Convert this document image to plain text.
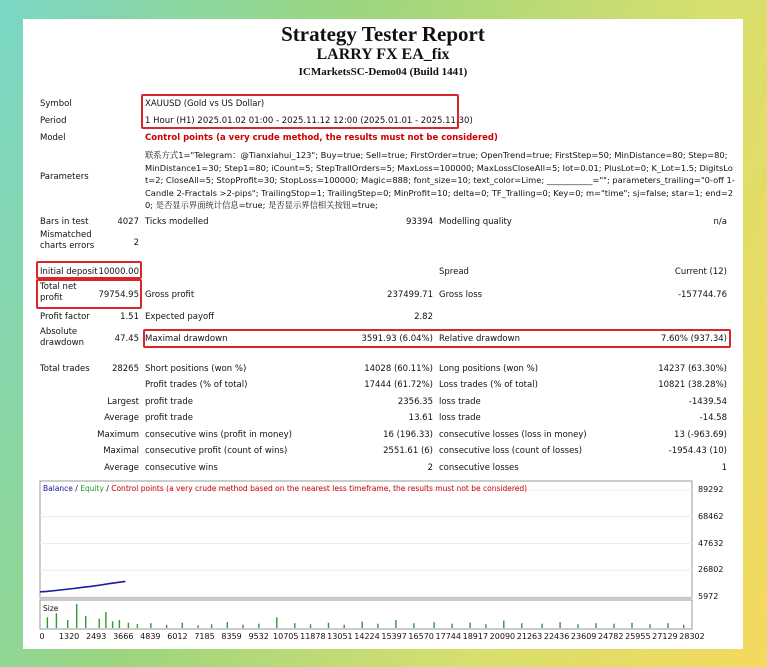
Strategy Tester Report
LARRY FX EA_fix
ICMarketsSC-Demo04 (Build 1441)
Symbol	XAUUSD (Gold vs US Dollar)
Period	1 Hour (H1) 2025.01.02 01:00 - 2025.11.12 12:00 (2025.01.01 - 2025.11.30)
Model	Control points (a very crude method, the results must not be considered)
Parameters
联系方式1="Telegram：@Tianxiahui_123"; Buy=true; Sell=true; FirstOrder=true; OpenTrend=true; FirstStep=50; MinDistance=80; Step=80; MinDistance1=30; Step1=80; iCount=5; StepTrallOrders=5; MaxLoss=100000; MaxLossCloseAll=5; lot=0.01; PlusLot=0; K_Lot=1.5; DigitsLot=2; CloseAll=5; StopProfit=30; StopLoss=100000; Magic=888; font_size=10; text_color=Lime; ___________=""; parameters_trailing="0-off 1-Candle 2-Fractals >2-pips"; TrailingStop=1; TrailingStep=0; MinProfit=10; delta=0; TF_Tralling=0; Key=0; m="time"; sj=false; star=1; end=20; 是否显示界面统计信息=true; 是否显示界信相关按钮=true;
Bars in test	4027 Ticks modelled	93394 Modelling quality	n/a
Mismatched charts errors	2
Initial deposit 10000.00	Spread	Current (12)
Total net profit	79754.95 Gross profit	237499.71 Gross loss	-157744.76
Profit factor	1.51 Expected payoff	2.82
Absolute drawdown	47.45 Maximal drawdown	3591.93 (6.04%) Relative drawdown	7.60% (937.34)
Total trades	28265 Short positions (won %)	14028 (60.11%) Long positions (won %)	14237 (63.30%)
Profit trades (% of total)	17444 (61.72%) Loss trades (% of total)	10821 (38.28%)
Largest profit trade	2356.35 loss trade	-1439.54
Average profit trade	13.61 loss trade	-14.58
Maximum consecutive wins (profit in money)	16 (196.33) consecutive losses (loss in money)	13 (-963.69)
Maximal consecutive profit (count of wins)	2551.61 (6) consecutive loss (count of losses)	-1954.43 (10)
Average consecutive wins	2 consecutive losses	1
Balance / Equity / Control points (a very crude method based on the nearest less timeframe, the results must not be considered)
Size
89292
68462
47632
26802
5972
0 1320 2493 3666 4839 6012 7185 8359 9532 10705 11878 13051 14224 15397 16570 17744 18917 20090 21263 22436 23609 24782 25955 27129 28302
